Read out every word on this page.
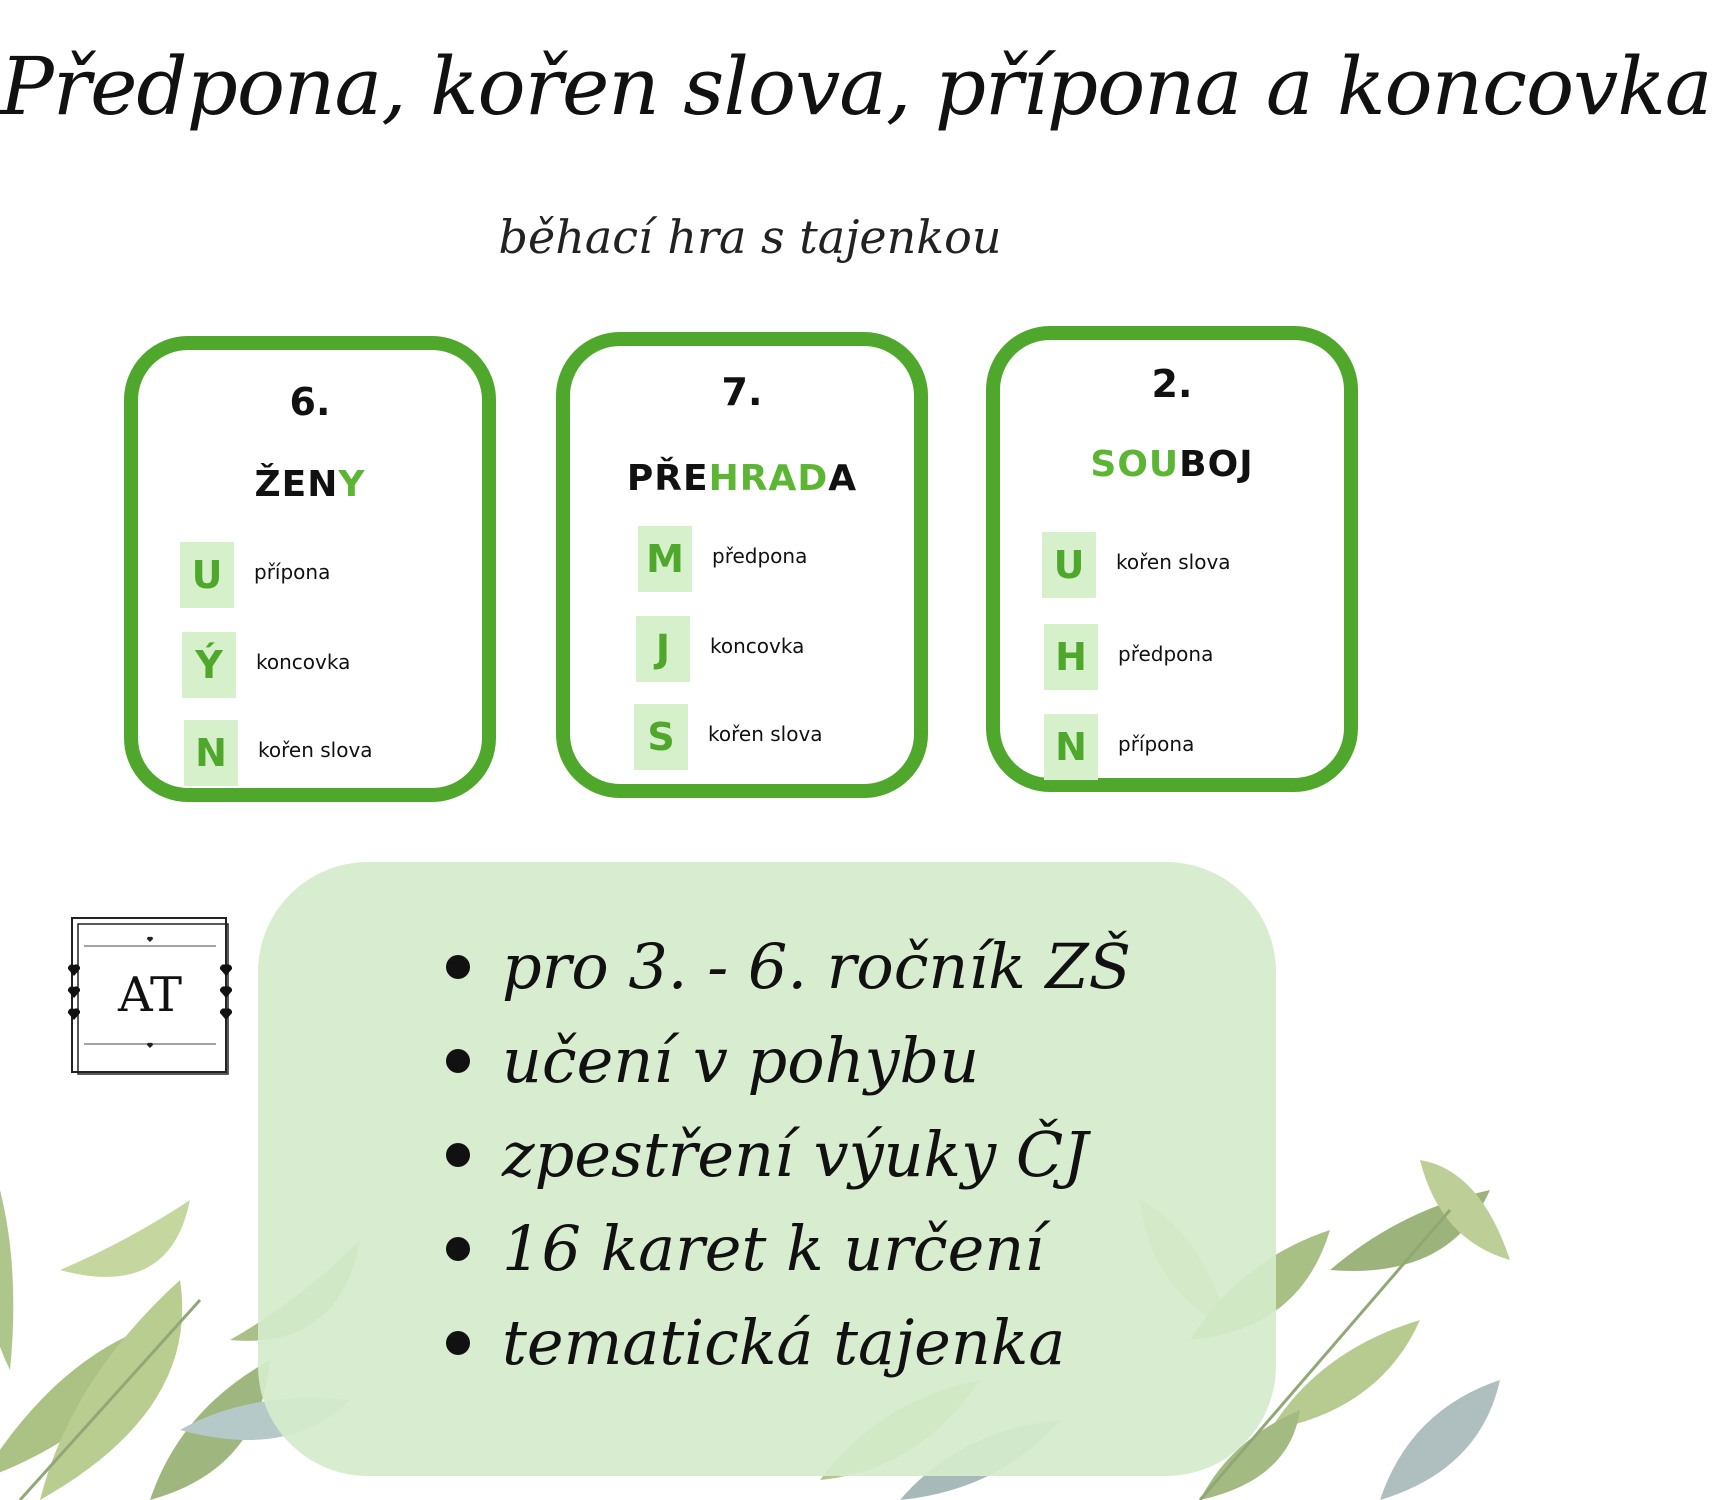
Předpona, kořen slova, přípona a koncovka
běhací hra s tajenkou
6.
ŽENY
U	přípona
Ý	koncovka
N	kořen slova
7.
PŘEHRADA
M	předpona
J	koncovka
S	kořen slova
2.
SOUBOJ
U	kořen slova
H	předpona
N	přípona
pro 3. - 6. ročník ZŠ
učení v pohybu
zpestření výuky ČJ
16 karet k určení
tematická tajenka
AT
